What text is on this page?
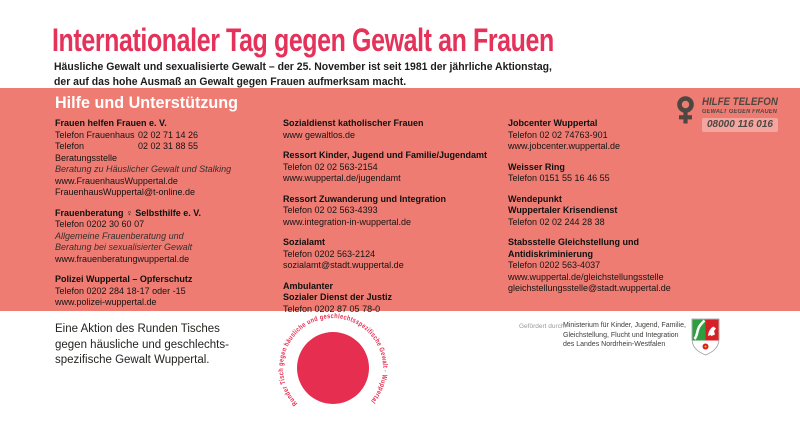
Internationaler Tag gegen Gewalt an Frauen
Häusliche Gewalt und sexualisierte Gewalt – der 25. November ist seit 1981 der jährliche Aktionstag,
der auf das hohe Ausmaß an Gewalt gegen Frauen aufmerksam macht.
Hilfe und Unterstützung	HILFE TELEFON
GEWALT GEGEN FRAUEN
08000 116 016
Frauen helfen Frauen e. V.
Telefon Frauenhaus 02 02 71 14 26
Telefon Beratungsstelle
02 02 31 88 55
Beratung zu Häuslicher Gewalt und Stalking
www.FrauenhausWuppertal.de
FrauenhausWuppertal@t-online.de
Frauenberatung ♀ Selbsthilfe e. V.
Telefon 0202 30 60 07
Allgemeine Frauenberatung und
Beratung bei sexualisierter Gewalt
www.frauenberatungwuppertal.de
Polizei Wuppertal – Opferschutz
Telefon 0202 284 18-17 oder -15
www.polizei-wuppertal.de
Sozialdienst katholischer Frauen
www gewaltlos.de
Ressort Kinder, Jugend und Familie/Jugendamt
Telefon 02 02 563-2154
www.wuppertal.de/jugendamt
Ressort Zuwanderung und Integration
Telefon 02 02 563-4393
www.integration-in-wuppertal.de
Sozialamt
Telefon 0202 563-2124
sozialamt@stadt.wuppertal.de
Ambulanter
Sozialer Dienst der Justiz
Telefon 0202 87 05 78-0
Jobcenter Wuppertal
Telefon 02 02 74763-901
www.jobcenter.wuppertal.de
Weisser Ring
Telefon 0151 55 16 46 55
Wendepunkt
Wuppertaler Krisendienst
Telefon 02 02 244 28 38
Stabsstelle Gleichstellung und
Antidiskriminierung
Telefon 0202 563-4037
www.wuppertal.de/gleichstellungsstelle
gleichstellungsstelle@stadt.wuppertal.de
Eine Aktion des Runden Tisches
gegen häusliche und geschlechts-
spezifische Gewalt Wuppertal.
Runder Tisch gegen häusliche und geschlechtsspezifische Gewalt · Wuppertal
Gefördert durch:
Ministerium für Kinder, Jugend, Familie,
Gleichstellung, Flucht und Integration
des Landes Nordrhein-Westfalen
